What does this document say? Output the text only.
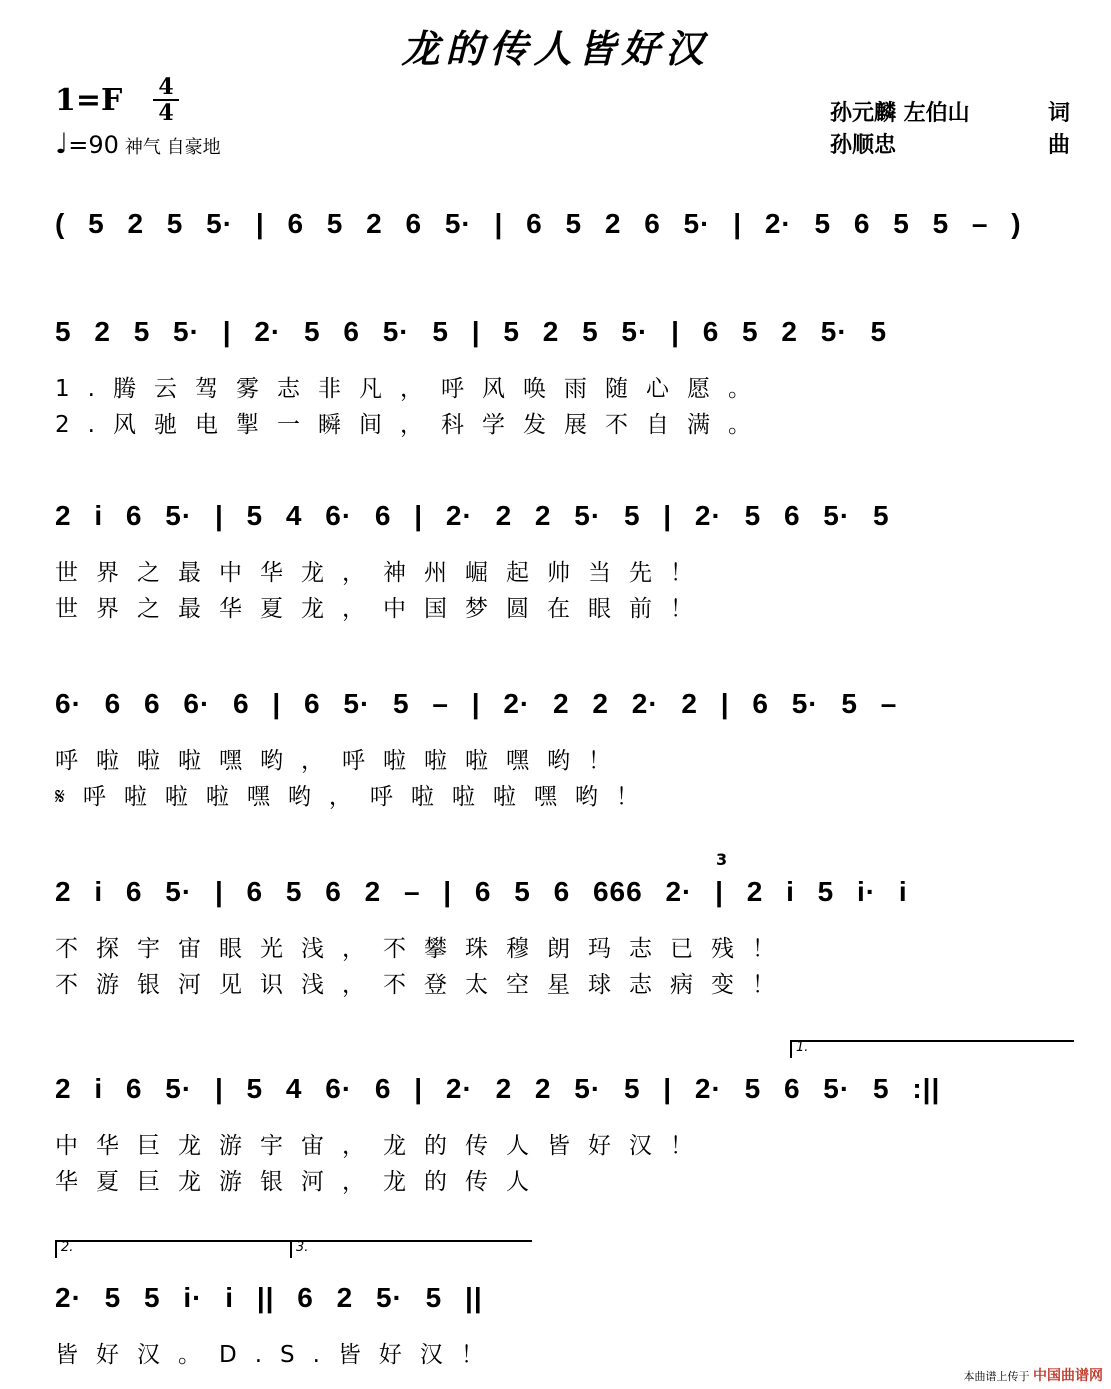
龙的传人皆好汉
1=F 4
4
♩=90 神气 自豪地
孙元麟 左伯山	词
孙顺忠	曲
( 5 2 5 5· | 6 5 2 6 5· | 6 5 2 6 5· | 2· 5 6 5 5 – )
5 2 5 5· | 2· 5 6 5· 5 | 5 2 5 5· | 6 5 2 5· 5
1.腾云驾雾志非凡，呼风唤雨随心愿。
2.风驰电掣一瞬间，科学发展不自满。
2 i 6 5· | 5 4 6· 6 | 2· 2 2 5· 5 | 2· 5 6 5· 5
世界之最中华龙，神州崛起帅当先！
世界之最华夏龙，中国梦圆在眼前！
6· 6 6 6· 6 | 6 5· 5 – | 2· 2 2 2· 2 | 6 5· 5 –
呼啦啦啦嘿哟，呼啦啦啦嘿哟！
𝄋呼啦啦啦嘿哟，呼啦啦啦嘿哟！
2 i 6 5· | 6 5 6 2 – | 6 5 6 666 2· | 2 i 5 i· i
不探宇宙眼光浅，不攀珠穆朗玛志已残！
不游银河见识浅，不登太空星球志病变！
2 i 6 5· | 5 4 6· 6 | 2· 2 2 5· 5 | 2· 5 6 5· 5 :||
中华巨龙游宇宙，龙的传人皆好汉！
华夏巨龙游银河，龙的传人
2· 5 5 i· i || 6 2 5· 5 ||
皆好汉。D.S.皆好汉！
本曲谱上传于 中国曲谱网
1.
2.	3.
3
